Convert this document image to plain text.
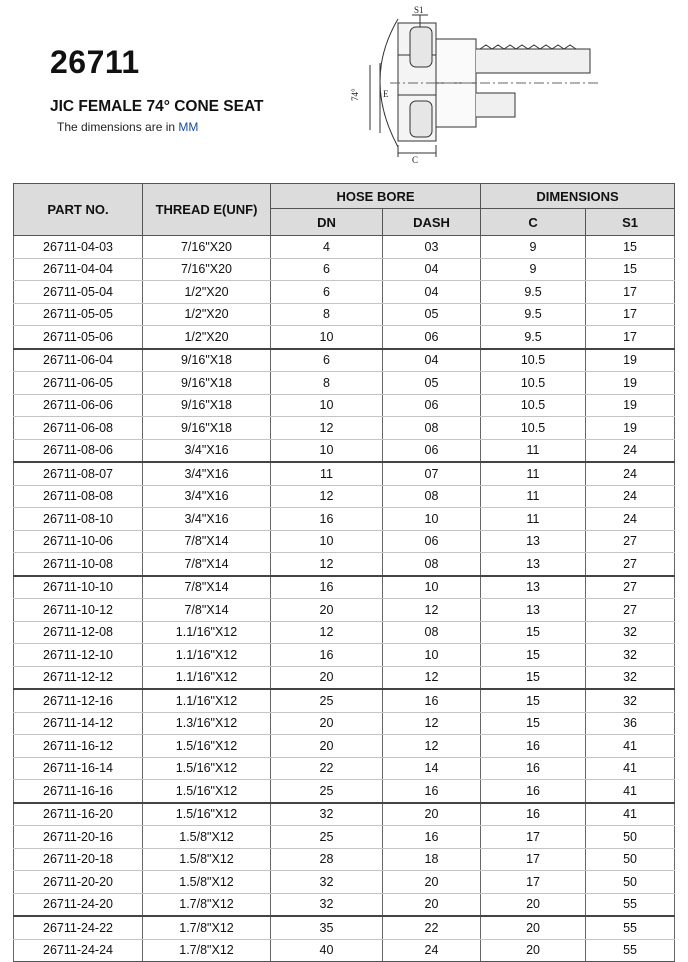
26711
JIC FEMALE 74° CONE SEAT
The dimensions are in MM
S1
E
74°
C
PART NO.	THREAD E(UNF)	HOSE BORE		DIMENSIONS	
		DN	DASH	C	S1
26711-04-03	7/16"X20	4	03	9	15
26711-04-04	7/16"X20	6	04	9	15
26711-05-04	1/2"X20	6	04	9.5	17
26711-05-05	1/2"X20	8	05	9.5	17
26711-05-06	1/2"X20	10	06	9.5	17
26711-06-04	9/16"X18	6	04	10.5	19
26711-06-05	9/16"X18	8	05	10.5	19
26711-06-06	9/16"X18	10	06	10.5	19
26711-06-08	9/16"X18	12	08	10.5	19
26711-08-06	3/4"X16	10	06	11	24
26711-08-07	3/4"X16	11	07	11	24
26711-08-08	3/4"X16	12	08	11	24
26711-08-10	3/4"X16	16	10	11	24
26711-10-06	7/8"X14	10	06	13	27
26711-10-08	7/8"X14	12	08	13	27
26711-10-10	7/8"X14	16	10	13	27
26711-10-12	7/8"X14	20	12	13	27
26711-12-08	1.1/16"X12	12	08	15	32
26711-12-10	1.1/16"X12	16	10	15	32
26711-12-12	1.1/16"X12	20	12	15	32
26711-12-16	1.1/16"X12	25	16	15	32
26711-14-12	1.3/16"X12	20	12	15	36
26711-16-12	1.5/16"X12	20	12	16	41
26711-16-14	1.5/16"X12	22	14	16	41
26711-16-16	1.5/16"X12	25	16	16	41
26711-16-20	1.5/16"X12	32	20	16	41
26711-20-16	1.5/8"X12	25	16	17	50
26711-20-18	1.5/8"X12	28	18	17	50
26711-20-20	1.5/8"X12	32	20	17	50
26711-24-20	1.7/8"X12	32	20	20	55
26711-24-22	1.7/8"X12	35	22	20	55
26711-24-24	1.7/8"X12	40	24	20	55
